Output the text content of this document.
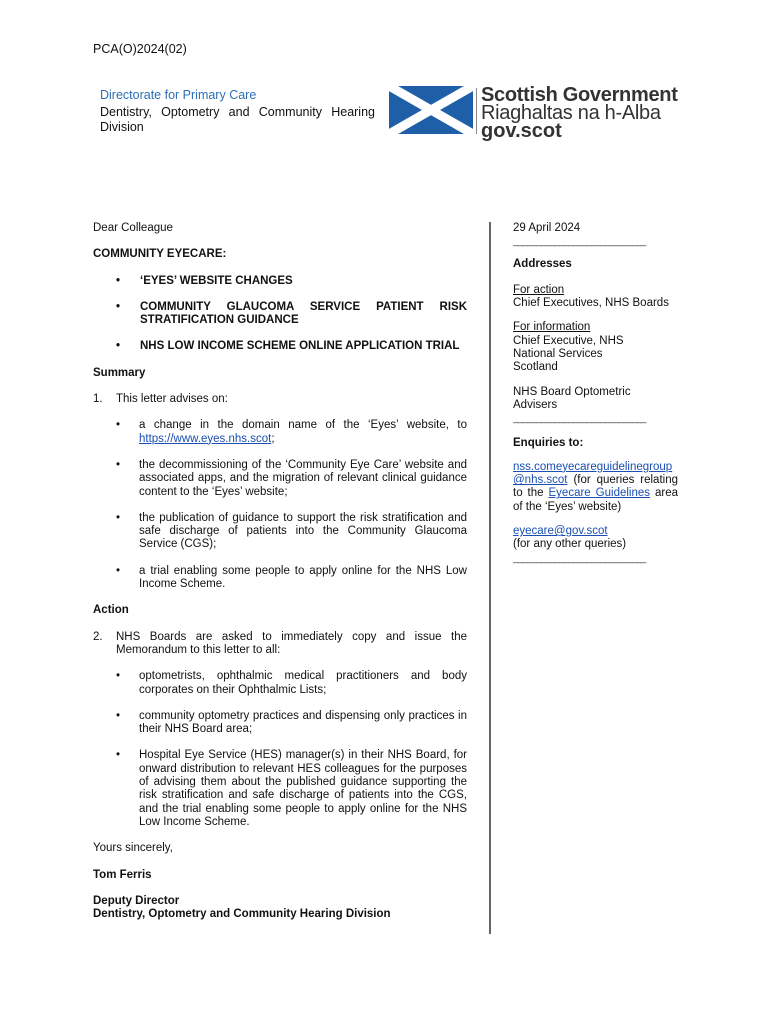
PCA(O)2024(02)
Directorate for Primary Care
Dentistry, Optometry and Community Hearing Division
Scottish Government
Riaghaltas na h-Alba
gov.scot
Dear Colleague
COMMUNITY EYECARE:
• ‘EYES’ WEBSITE CHANGES
• COMMUNITY GLAUCOMA SERVICE PATIENT RISK STRATIFICATION GUIDANCE
• NHS LOW INCOME SCHEME ONLINE APPLICATION TRIAL
Summary
1. This letter advises on:
• a change in the domain name of the ‘Eyes’ website, to https://www.eyes.nhs.scot;
• the decommissioning of the ‘Community Eye Care’ website and associated apps, and the migration of relevant clinical guidance content to the ‘Eyes’ website;
• the publication of guidance to support the risk stratification and safe discharge of patients into the Community Glaucoma Service (CGS);
• a trial enabling some people to apply online for the NHS Low Income Scheme.
Action
2. NHS Boards are asked to immediately copy and issue the Memorandum to this letter to all:
• optometrists, ophthalmic medical practitioners and body corporates on their Ophthalmic Lists;
• community optometry practices and dispensing only practices in their NHS Board area;
• Hospital Eye Service (HES) manager(s) in their NHS Board, for onward distribution to relevant HES colleagues for the purposes of advising them about the published guidance supporting the risk stratification and safe discharge of patients into the CGS, and the trial enabling some people to apply online for the NHS Low Income Scheme.
Yours sincerely,
Tom Ferris
Deputy Director
Dentistry, Optometry and Community Hearing Division
29 April 2024
_____________________________
Addresses
For action
Chief Executives, NHS Boards
For information
Chief Executive, NHS National Services Scotland
NHS Board Optometric Advisers
_____________________________
Enquiries to:
nss.comeyecareguidelinegroup
@nhs.scot (for queries relating to the Eyecare Guidelines area of the ‘Eyes’ website)
eyecare@gov.scot
(for any other queries)
_____________________________
